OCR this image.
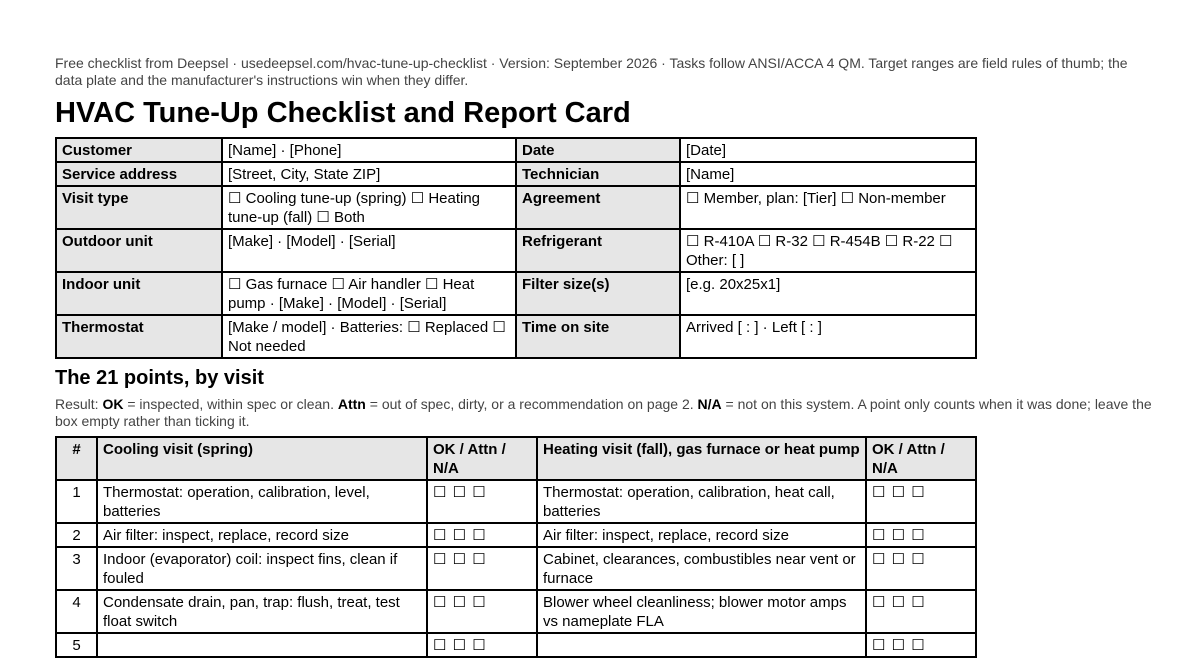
Free checklist from Deepsel · usedeepsel.com/hvac-tune-up-checklist · Version: September 2026 · Tasks follow ANSI/ACCA 4 QM. Target ranges are field rules of thumb; the data plate and the manufacturer's instructions win when they differ.

HVAC Tune-Up Checklist and Report Card
Customer	[Name] · [Phone]	Date	[Date]
Service address	[Street, City, State ZIP]	Technician	[Name]
Visit type	☐ Cooling tune-up (spring) ☐ Heating tune-up (fall) ☐ Both	Agreement	☐ Member, plan: [Tier] ☐ Non-member
Outdoor unit	[Make] · [Model] · [Serial]	Refrigerant	☐ R-410A ☐ R-32 ☐ R-454B ☐ R-22 ☐ Other: [ ]
Indoor unit	☐ Gas furnace ☐ Air handler ☐ Heat pump · [Make] · [Model] · [Serial]	Filter size(s)	[e.g. 20x25x1]
Thermostat	[Make / model] · Batteries: ☐ Replaced ☐ Not needed	Time on site	Arrived [ : ] · Left [ : ]
The 21 points, by visit

Result: OK = inspected, within spec or clean. Attn = out of spec, dirty, or a recommendation on page 2. N/A = not on this system. A point only counts when it was done; leave the box empty rather than ticking it.

#	Cooling visit (spring)	OK / Attn / N/A	Heating visit (fall), gas furnace or heat pump	OK / Attn / N/A
1	Thermostat: operation, calibration, level, batteries	☐ ☐ ☐	Thermostat: operation, calibration, heat call, batteries	☐ ☐ ☐
2	Air filter: inspect, replace, record size	☐ ☐ ☐	Air filter: inspect, replace, record size	☐ ☐ ☐
3	Indoor (evaporator) coil: inspect fins, clean if fouled	☐ ☐ ☐	Cabinet, clearances, combustibles near vent or furnace	☐ ☐ ☐
4	Condensate drain, pan, trap: flush, treat, test float switch	☐ ☐ ☐	Blower wheel cleanliness; blower motor amps vs nameplate FLA	☐ ☐ ☐
5		☐ ☐ ☐		☐ ☐ ☐
